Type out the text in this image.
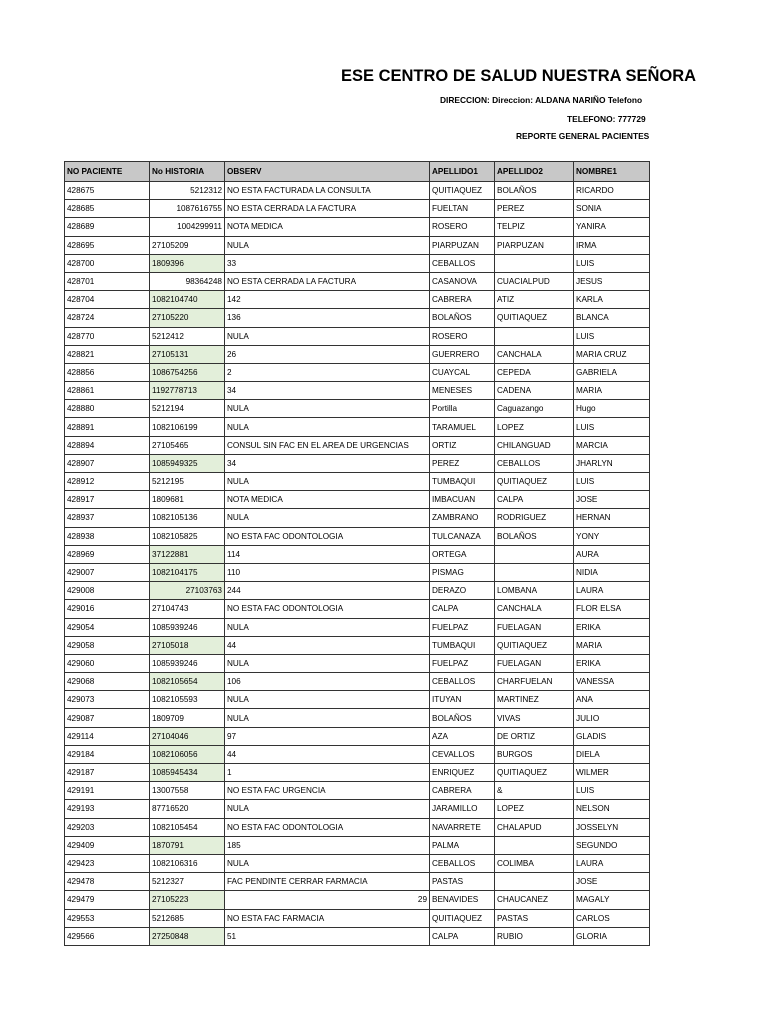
ESE CENTRO DE SALUD NUESTRA SEÑORA
DIRECCION: Direccion: ALDANA NARIÑO Telefono
TELEFONO: 777729
REPORTE GENERAL PACIENTES
NO PACIENTE	No HISTORIA	OBSERV	APELLIDO1	APELLIDO2	NOMBRE1
428675	5212312	NO ESTA FACTURADA LA CONSULTA	QUITIAQUEZ	BOLAÑOS	RICARDO
428685	1087616755	NO ESTA CERRADA LA FACTURA	FUELTAN	PEREZ	SONIA
428689	1004299911	NOTA MEDICA	ROSERO	TELPIZ	YANIRA
428695	27105209	NULA	PIARPUZAN	PIARPUZAN	IRMA
428700	1809396	33	CEBALLOS		LUIS
428701	98364248	NO ESTA CERRADA LA FACTURA	CASANOVA	CUACIALPUD	JESUS
428704	1082104740	142	CABRERA	ATIZ	KARLA
428724	27105220	136	BOLAÑOS	QUITIAQUEZ	BLANCA
428770	5212412	NULA	ROSERO		LUIS
428821	27105131	26	GUERRERO	CANCHALA	MARIA CRUZ
428856	1086754256	2	CUAYCAL	CEPEDA	GABRIELA
428861	1192778713	34	MENESES	CADENA	MARIA
428880	5212194	NULA	Portilla	Caguazango	Hugo
428891	1082106199	NULA	TARAMUEL	LOPEZ	LUIS
428894	27105465	CONSUL SIN FAC EN EL AREA DE URGENCIAS	ORTIZ	CHILANGUAD	MARCIA
428907	1085949325	34	PEREZ	CEBALLOS	JHARLYN
428912	5212195	NULA	TUMBAQUI	QUITIAQUEZ	LUIS
428917	1809681	NOTA MEDICA	IMBACUAN	CALPA	JOSE
428937	1082105136	NULA	ZAMBRANO	RODRIGUEZ	HERNAN
428938	1082105825	NO ESTA FAC ODONTOLOGIA	TULCANAZA	BOLAÑOS	YONY
428969	37122881	114	ORTEGA		AURA
429007	1082104175	110	PISMAG		NIDIA
429008	27103763	244	DERAZO	LOMBANA	LAURA
429016	27104743	NO ESTA FAC ODONTOLOGIA	CALPA	CANCHALA	FLOR ELSA
429054	1085939246	NULA	FUELPAZ	FUELAGAN	ERIKA
429058	27105018	44	TUMBAQUI	QUITIAQUEZ	MARIA
429060	1085939246	NULA	FUELPAZ	FUELAGAN	ERIKA
429068	1082105654	106	CEBALLOS	CHARFUELAN	VANESSA
429073	1082105593	NULA	ITUYAN	MARTINEZ	ANA
429087	1809709	NULA	BOLAÑOS	VIVAS	JULIO
429114	27104046	97	AZA	DE ORTIZ	GLADIS
429184	1082106056	44	CEVALLOS	BURGOS	DIELA
429187	1085945434	1	ENRIQUEZ	QUITIAQUEZ	WILMER
429191	13007558	NO ESTA FAC URGENCIA	CABRERA	&	LUIS
429193	87716520	NULA	JARAMILLO	LOPEZ	NELSON
429203	1082105454	NO ESTA FAC ODONTOLOGIA	NAVARRETE	CHALAPUD	JOSSELYN
429409	1870791	185	PALMA		SEGUNDO
429423	1082106316	NULA	CEBALLOS	COLIMBA	LAURA
429478	5212327	FAC PENDINTE CERRAR FARMACIA	PASTAS		JOSE
429479	27105223	29	BENAVIDES	CHAUCANEZ	MAGALY
429553	5212685	NO ESTA FAC FARMACIA	QUITIAQUEZ	PASTAS	CARLOS
429566	27250848	51	CALPA	RUBIO	GLORIA
